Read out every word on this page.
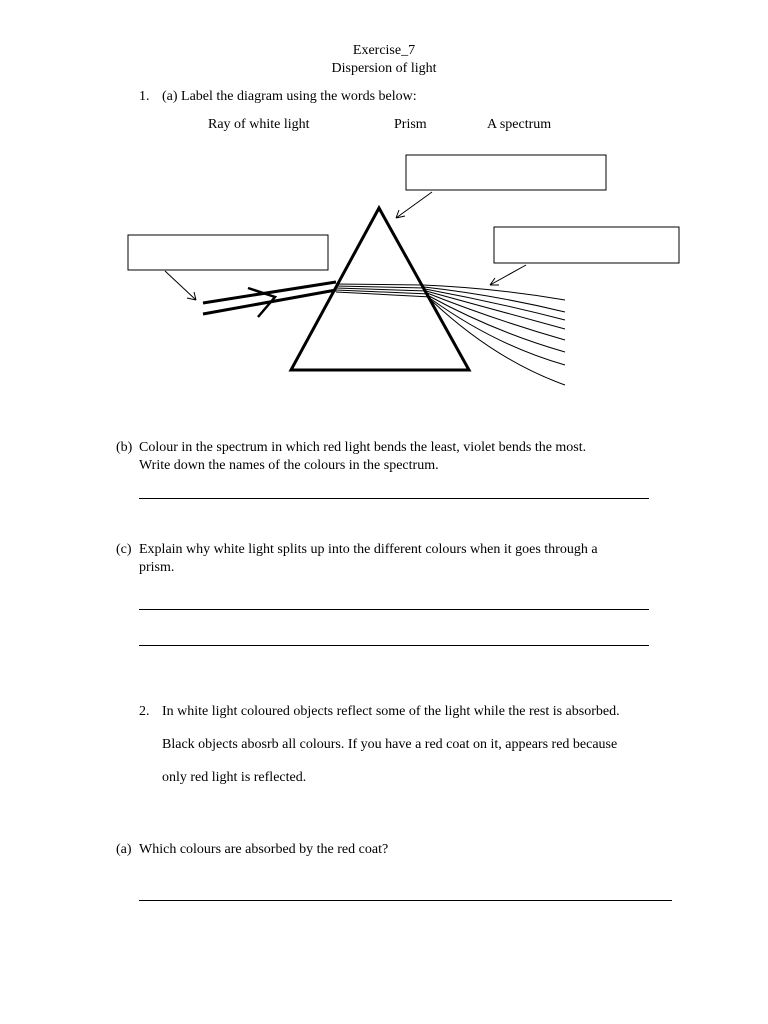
Exercise_7
Dispersion of light
1. (a) Label the diagram using the words below:
Ray of white light	Prism	A spectrum
(b) Colour in the spectrum in which red light bends the least, violet bends the most.
Write down the names of the colours in the spectrum.
(c) Explain why white light splits up into the different colours when it goes through a
prism.
2. In white light coloured objects reflect some of the light while the rest is absorbed.
Black objects abosrb all colours. If you have a red coat on it, appears red because
only red light is reflected.
(a) Which colours are absorbed by the red coat?
